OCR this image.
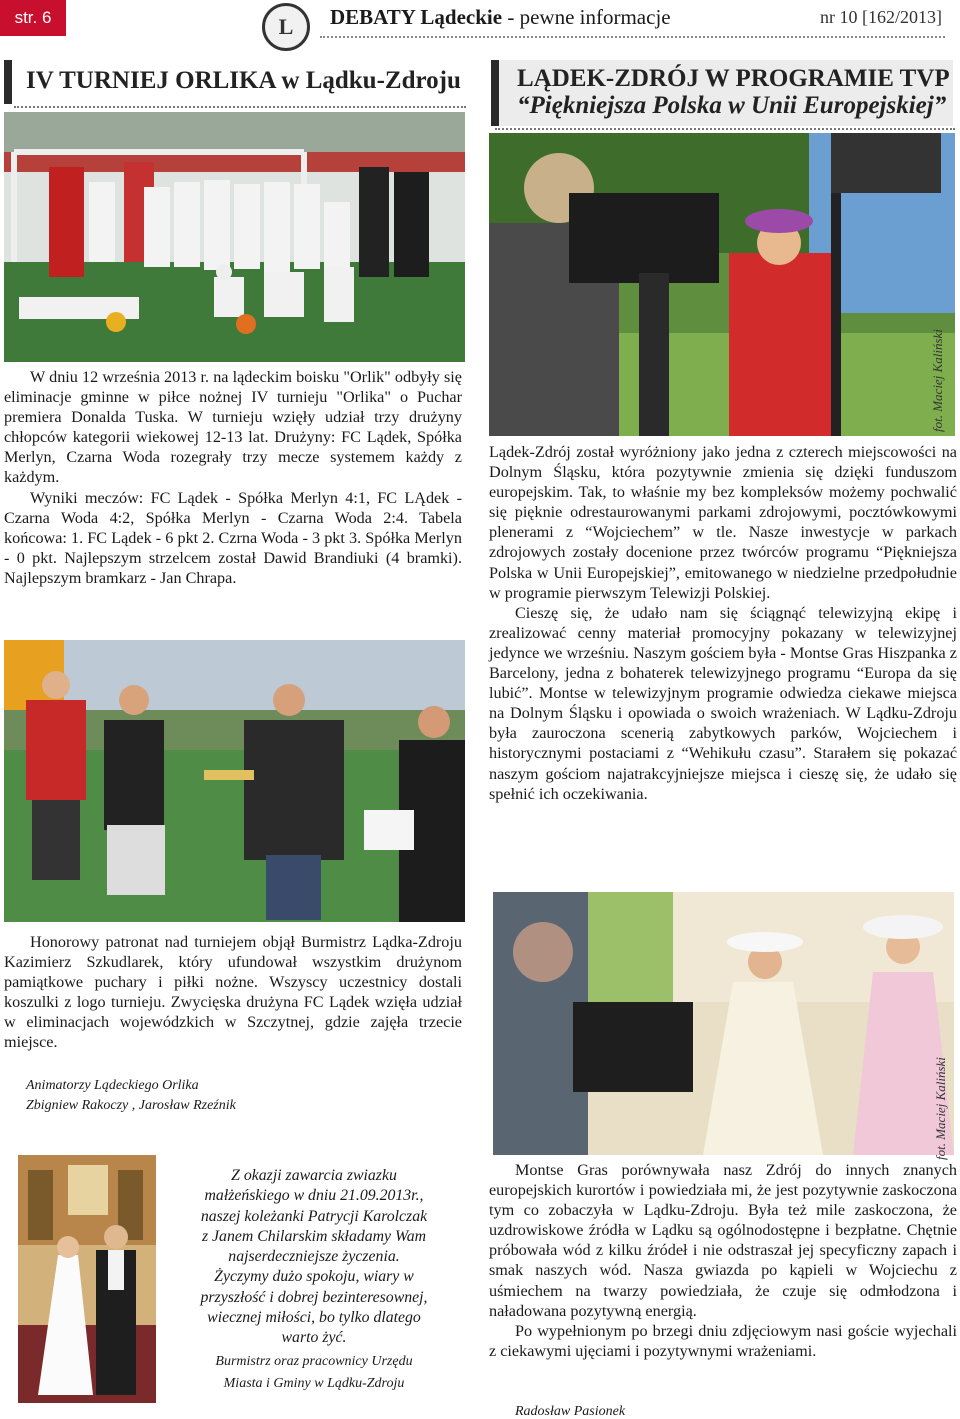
str. 6	L	DEBATY Lądeckie - pewne informacje	nr 10 [162/2013]
IV TURNIEJ ORLIKA w Lądku-Zdroju LĄDEK-ZDRÓJ W PROGRAMIE TVP
“Piękniejsza Polska w Unii Europejskiej”

W dniu 12 września 2013 r. na lądeckim boisku "Orlik" odbyły się eliminacje gminne w piłce nożnej IV turnieju "Orlika" o Puchar premiera Donalda Tuska. W turnieju wzięły udział trzy drużyny chłopców kategorii wiekowej 12-13 lat. Drużyny: FC Lądek, Spółka Merlyn, Czarna Woda rozegrały trzy mecze systemem każdy z każdym.

Wyniki meczów: FC Lądek - Spółka Merlyn 4:1, FC LĄdek - Czarna Woda 4:2, Spółka Merlyn - Czarna Woda 2:4. Tabela końcowa: 1. FC Lądek - 6 pkt 2. Czrna Woda - 3 pkt 3. Spółka Merlyn - 0 pkt. Najlepszym strzelcem został Dawid Brandiuki (4 bramki). Najlepszym bramkarz - Jan Chrapa.

Honorowy patronat nad turniejem objął Burmistrz Lądka-Zdroju Kazimierz Szkudlarek, który ufundował wszystkim drużynom pamiątkowe puchary i piłki nożne. Wszyscy uczestnicy dostali koszulki z logo turnieju. Zwycięska drużyna FC Lądek wzięła udział w eliminacjach wojewódzkich w Szczytnej, gdzie zajęła trzecie miejsce.

Animatorzy Lądeckiego Orlika
Zbigniew Rakoczy , Jarosław Rzeźnik
Z okazji zawarcia zwiazku
małżeńskiego w dniu 21.09.2013r.,
naszej koleżanki Patrycji Karolczak
z Janem Chilarskim składamy Wam
najserdeczniejsze życzenia.
Życzymy dużo spokoju, wiary w
przyszłość i dobrej bezinteresownej,
wiecznej miłości, bo tylko dlatego
warto żyć.
Burmistrz oraz pracownicy Urzędu
Miasta i Gminy w Lądku-Zdroju
fot. Maciej Kaliński

Lądek-Zdrój został wyróżniony jako jedna z czterech miejscowości na Dolnym Śląsku, która pozytywnie zmienia się dzięki funduszom europejskim. Tak, to właśnie my bez kompleksów możemy pochwalić się pięknie odrestaurowanymi parkami zdrojowymi, pocztówkowymi plenerami z “Wojciechem” w tle. Nasze inwestycje w parkach zdrojowych zostały docenione przez twórców programu “Piękniejsza Polska w Unii Europejskiej”, emitowanego w niedzielne przedpołudnie w programie pierwszym Telewizji Polskiej.

Cieszę się, że udało nam się ściągnąć telewizyjną ekipę i zrealizować cenny materiał promocyjny pokazany w telewizyjnej jedynce we wrześniu. Naszym gościem była - Montse Gras Hiszpanka z Barcelony, jedna z bohaterek telewizyjnego programu “Europa da się lubić”. Montse w telewizyjnym programie odwiedza ciekawe miejsca na Dolnym Śląsku i opowiada o swoich wrażeniach. W Lądku-Zdroju była zauroczona scenerią zabytkowych parków, Wojciechem i historycznymi postaciami z “Wehikułu czasu”. Starałem się pokazać naszym gościom najatrakcyjniejsze miejsca i cieszę się, że udało się spełnić ich oczekiwania.

fot. Maciej Kaliński

Montse Gras porównywała nasz Zdrój do innych znanych europejskich kurortów i powiedziała mi, że jest pozytywnie zaskoczona tym co zobaczyła w Lądku-Zdroju. Była też mile zaskoczona, że uzdrowiskowe źródła w Lądku są ogólnodostępne i bezpłatne. Chętnie próbowała wód z kilku źródeł i nie odstraszał jej specyficzny zapach i smak naszych wód. Nasza gwiazda po kąpieli w Wojciechu z uśmiechem na twarzy powiedziała, że czuje się odmłodzona i naładowana pozytywną energią.

Po wypełnionym po brzegi dniu zdjęciowym nasi goście wyjechali z ciekawymi ujęciami i pozytywnymi wrażeniami.

Radosław Pasionek
